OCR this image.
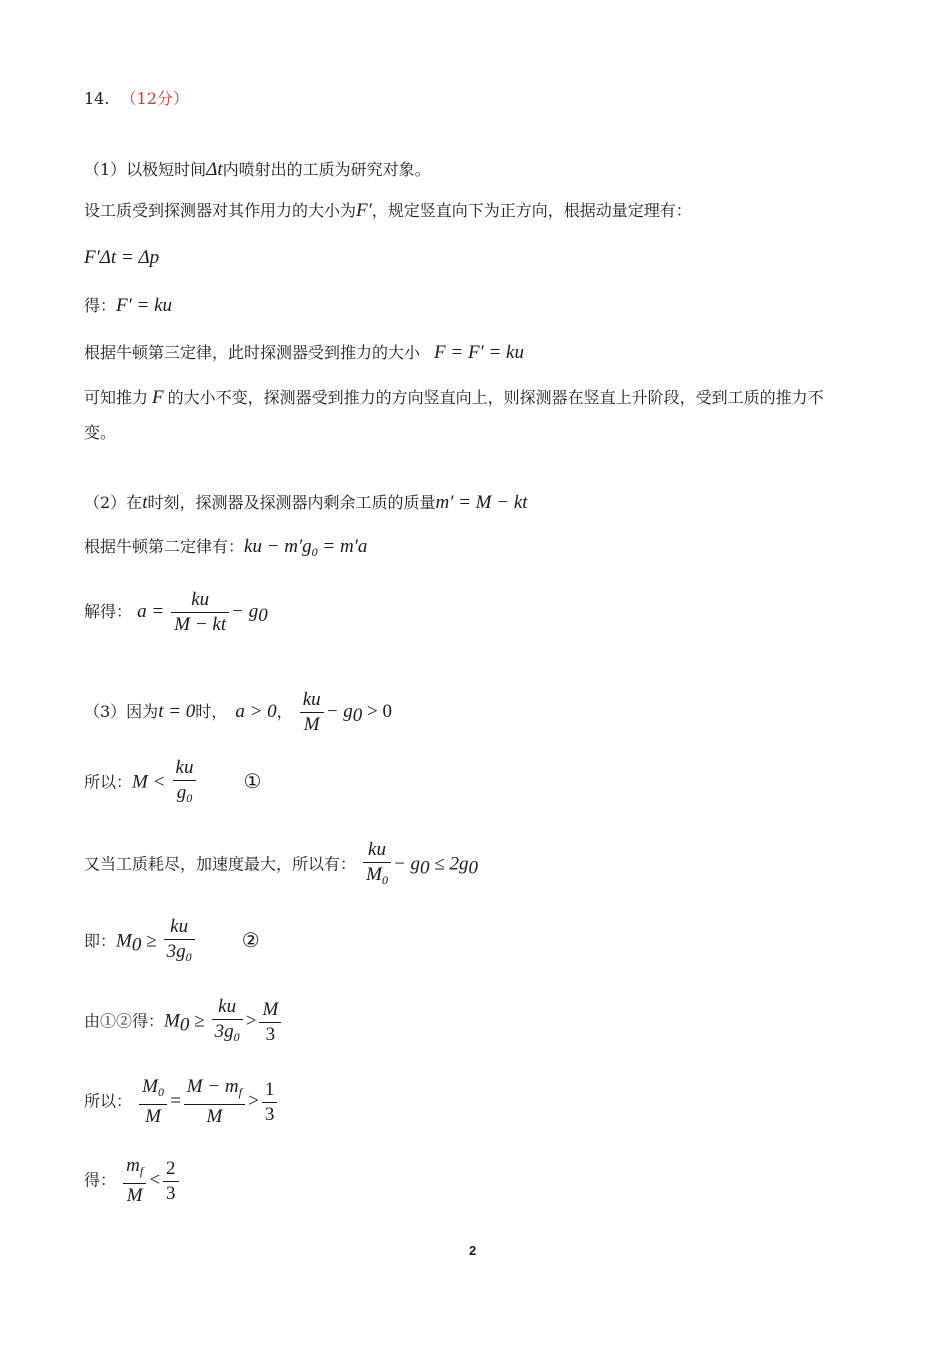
14. （12分）
（1）以极短时间Δt内喷射出的工质为研究对象。
设工质受到探测器对其作用力的大小为F′，规定竖直向下为正方向，根据动量定理有：
F′Δt = Δp
得：F′ = ku
根据牛顿第三定律，此时探测器受到推力的大小 F = F′ = ku
可知推力 F 的大小不变，探测器受到推力的方向竖直向上，则探测器在竖直上升阶段，受到工质的推力不
变。
（2）在t时刻，探测器及探测器内剩余工质的质量m′ = M − kt
根据牛顿第二定律有：ku − $m'g_0 = m'a$
解得： $a = \frac{ku}{M - kt} - g_0$
（3）因为t = 0时， a > 0， $\frac{ku}{M} - g_0 > 0$
所以：$M < \frac{ku}{g_0}$ ①
又当工质耗尽，加速度最大，所以有： $\frac{ku}{M_0} - g_0 \le 2g_0$
即：$M_0 \ge \frac{ku}{3g_0}$ ②
由①②得：$M_0 \ge \frac{ku}{3g_0} > \frac{M}{3}$
所以： $\frac{M_0}{M} = \frac{M - m_f}{M} > \frac{1}{3}$
得： $\frac{m_f}{M} < \frac{2}{3}$
2
